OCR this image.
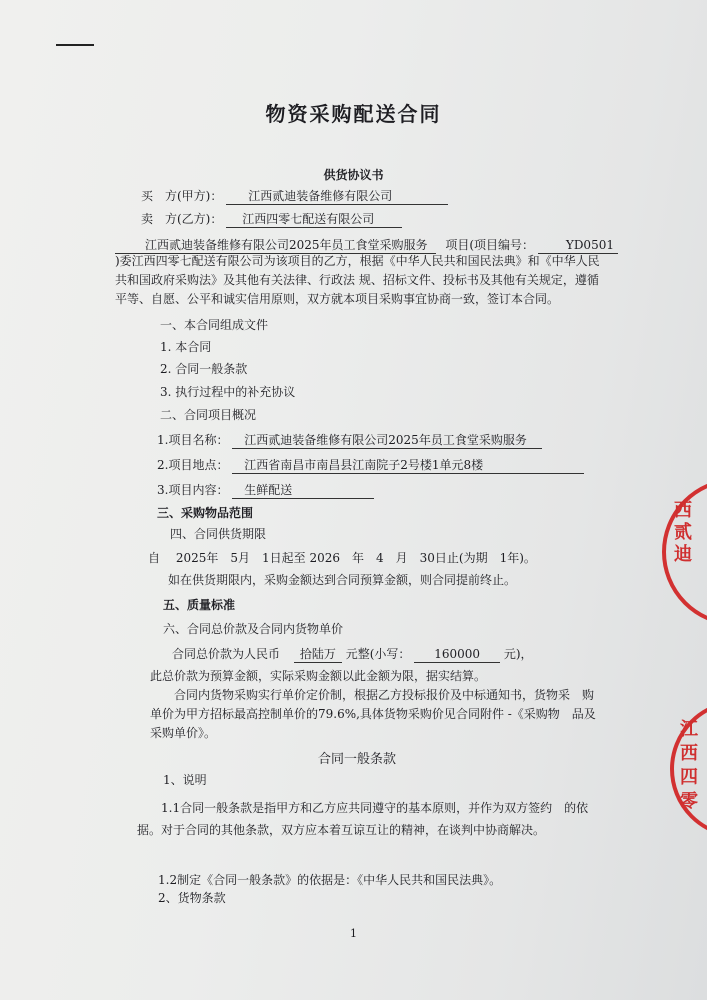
物资采购配送合同
供货协议书
买　方(甲方)： 江西贰迪装备维修有限公司
卖　方(乙方)： 江西四零七配送有限公司
江西贰迪装备维修有限公司2025年员工食堂采购服务 项目(项目编号：	YD0501
)委江西四零七配送有限公司为该项目的乙方，根据《中华人民共和国民法典》和《中华人民共和国政府采购法》及其他有关法律、行政法 规、招标文件、投标书及其他有关规定，遵循平等、自愿、公平和诚实信用原则，双方就本项目采购事宜协商一致，签订本合同。
一、本合同组成文件
1. 本合同
2. 合同一般条款
3. 执行过程中的补充协议
二、合同项目概况
1.项目名称： 江西贰迪装备维修有限公司2025年员工食堂采购服务
2.项目地点： 江西省南昌市南昌县江南院子2号楼1单元8楼
3.项目内容： 生鲜配送
三、采购物品范围
四、合同供货期限
自　 2025年　5月　1日起至 2026　年　4　月　30日止(为期　1年)。
如在供货期限内，采购金额达到合同预算金额，则合同提前终止。
五、质量标准
六、合同总价款及合同内货物单价
合同总价款为人民币 拾陆万 元整(小写： 160000 元)，
此总价款为预算金额，实际采购金额以此金额为限，据实结算。
合同内货物采购实行单价定价制，根据乙方投标报价及中标通知书，货物采　购单价为甲方招标最高控制单价的79.6%,具体货物采购价见合同附件 -《采购物　品及采购单价》。
合同一般条款
1、说明
1.1合同一般条款是指甲方和乙方应共同遵守的基本原则，并作为双方签约　的依据。对于合同的其他条款，双方应本着互谅互让的精神，在谈判中协商解决。
1.2制定《合同一般条款》的依据是：《中华人民共和国民法典》。
2、货物条款
1
西贰迪
江西四零
